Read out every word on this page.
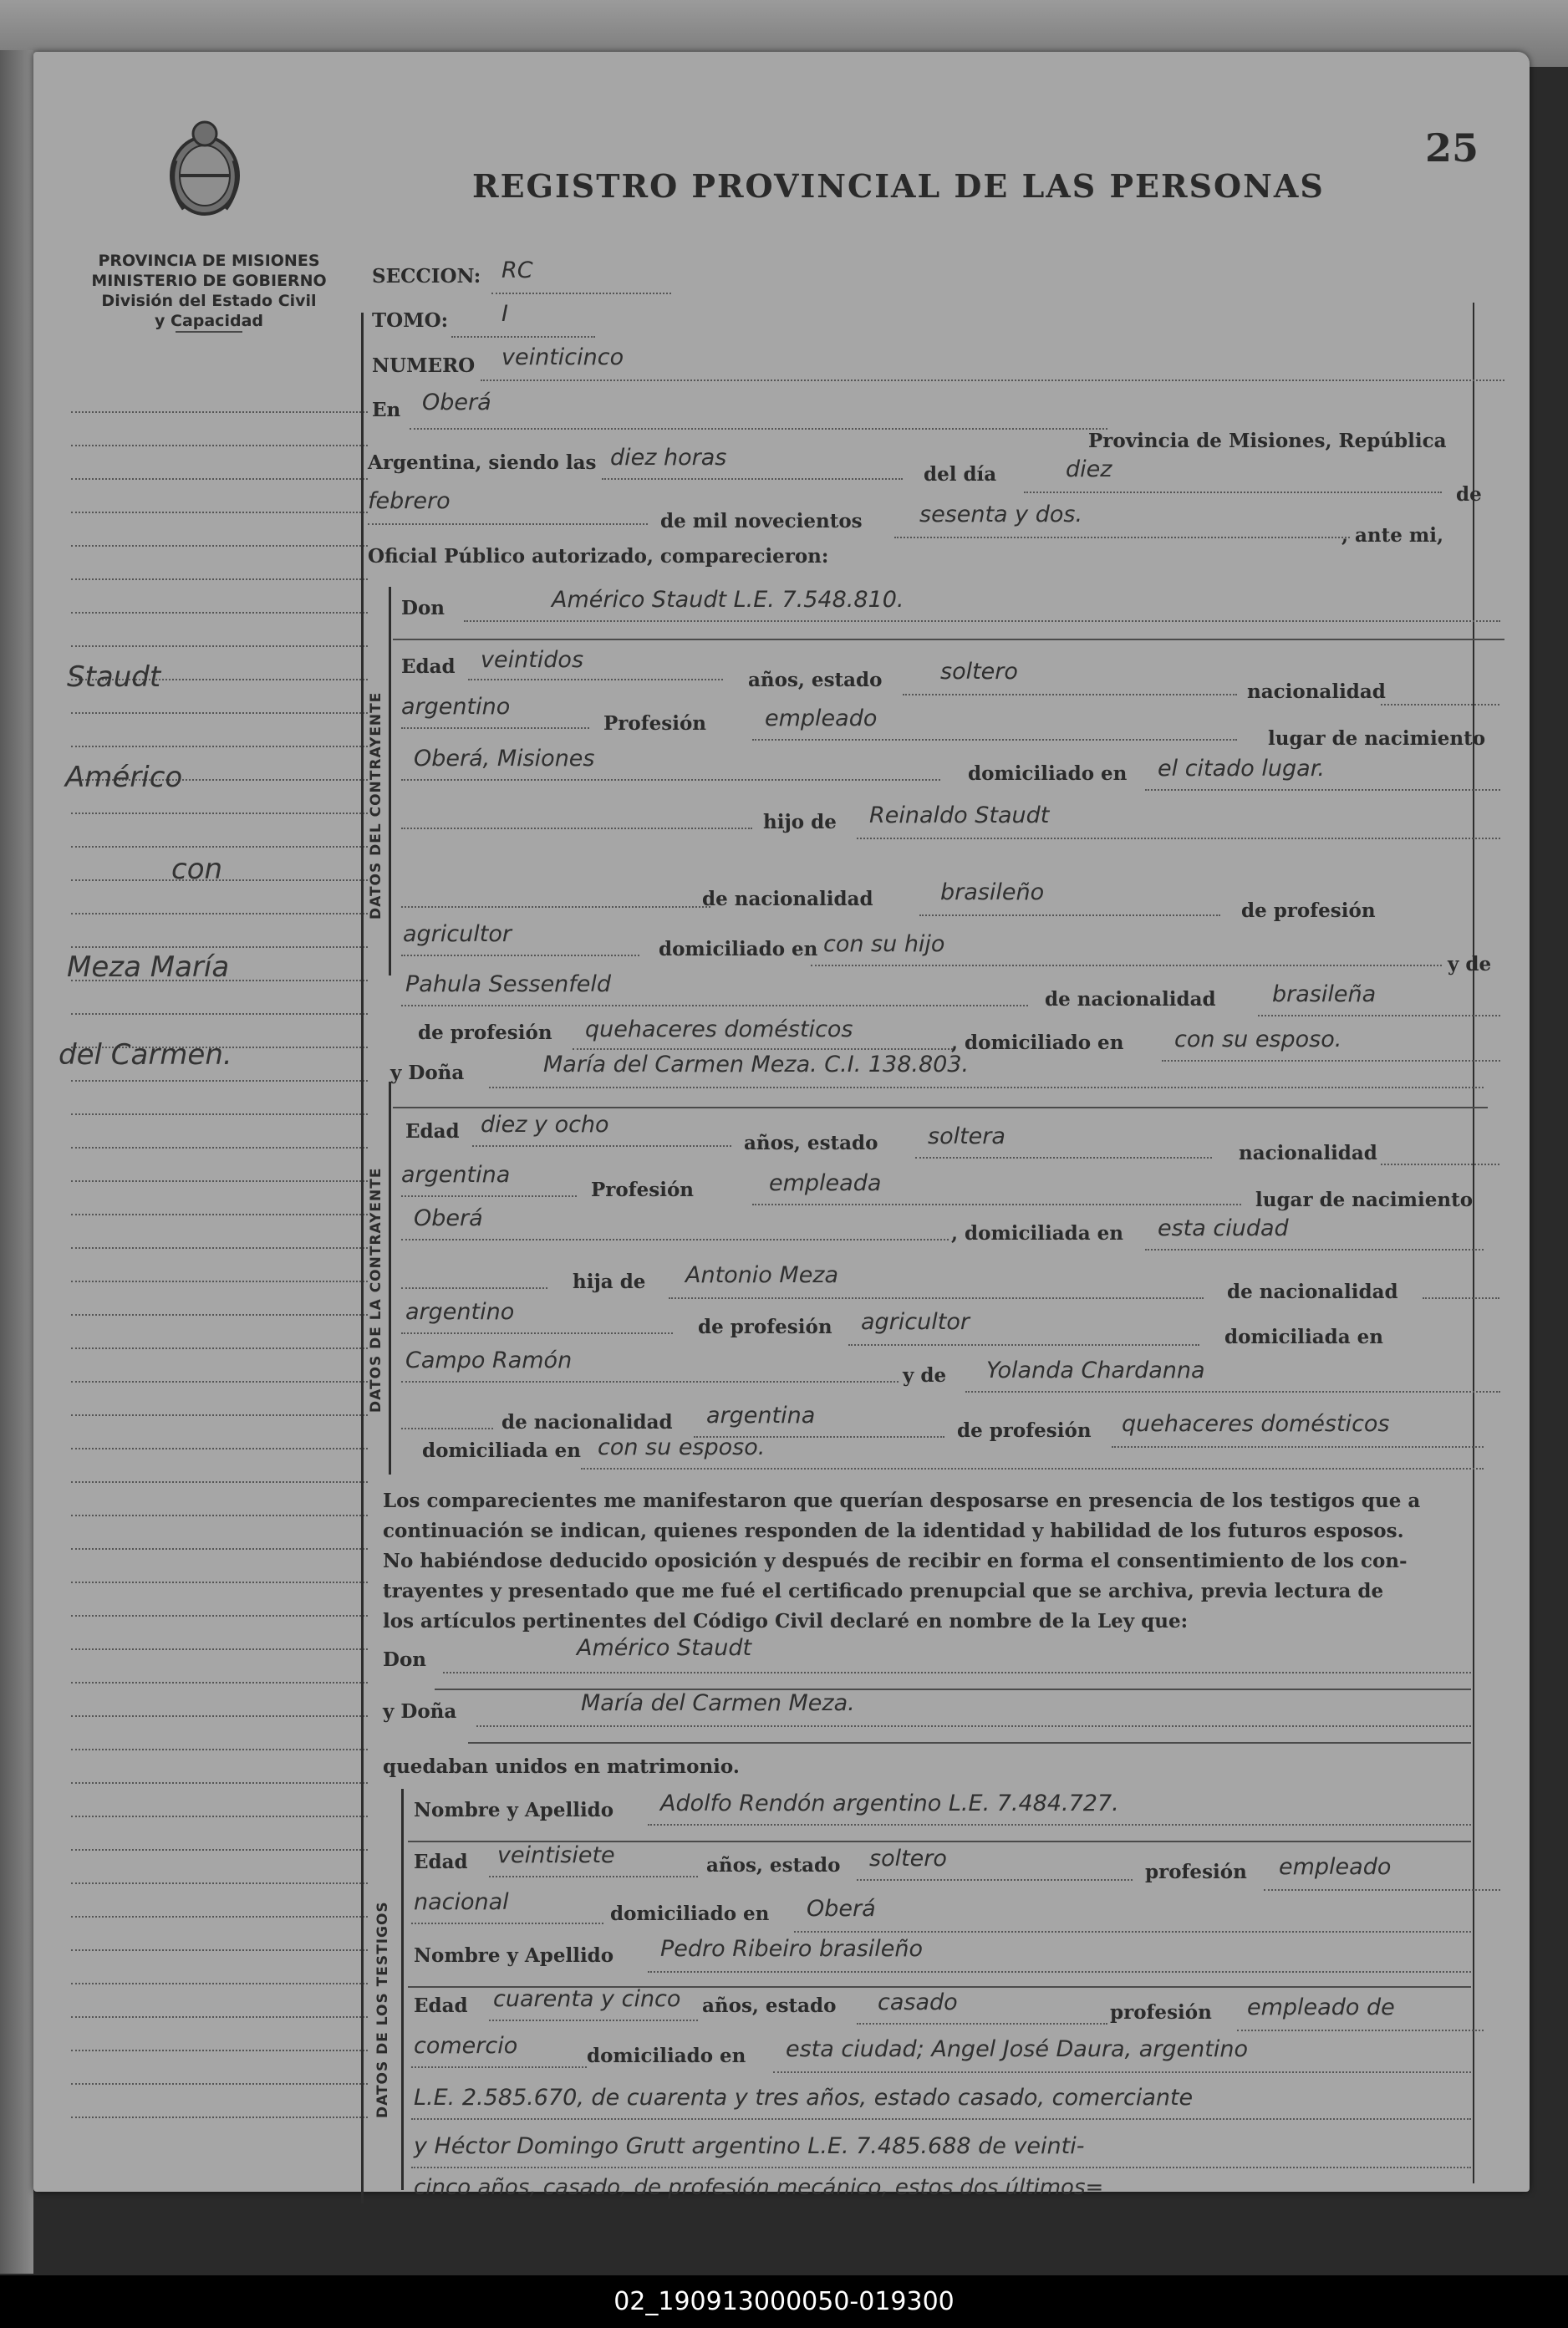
25
REGISTRO PROVINCIAL DE LAS PERSONAS
PROVINCIA DE MISIONES
MINISTERIO DE GOBIERNO
División del Estado Civil
y Capacidad
Staudt
Américo
con
Meza María
del Carmen.
SECCION: RC
TOMO: I
NUMERO veinticinco
En Oberá
Provincia de Misiones, República
Argentina, siendo las diez horas
del día	diez
de
febrero
de mil novecientos	sesenta y dos.
, ante mi,
Oficial Público autorizado, comparecieron:
DATOS DEL CONTRAYENTE
Don	Américo Staudt L.E. 7.548.810.
Edad veintidos
años, estado	soltero
nacionalidad
argentino
Profesión	empleado
lugar de nacimiento
Oberá, Misiones
domiciliado en el citado lugar.
hijo de Reinaldo Staudt
de nacionalidad	brasileño
de profesión
agricultor
domiciliado en con su hijo
y de
Pahula Sessenfeld
de nacionalidad brasileña
de profesión quehaceres domésticos
, domiciliado en con su esposo.
DATOS DE LA CONTRAYENTE
y Doña	María del Carmen Meza. C.I. 138.803.
Edad diez y ocho
años, estado soltera
nacionalidad
argentina
Profesión	empleada
lugar de nacimiento
Oberá
, domiciliada en esta ciudad
hija de Antonio Meza
de nacionalidad
argentino
de profesión agricultor
domiciliada en
Campo Ramón
y de Yolanda Chardanna
de nacionalidad argentina
de profesión quehaceres domésticos
domiciliada en con su esposo.
Los comparecientes me manifestaron que querían desposarse en presencia de los testigos que a
continuación se indican, quienes responden de la identidad y habilidad de los futuros esposos.
No habiéndose deducido oposición y después de recibir en forma el consentimiento de los con-
trayentes y presentado que me fué el certificado prenupcial que se archiva, previa lectura de
los artículos pertinentes del Código Civil declaré en nombre de la Ley que:
Don	Américo Staudt
y Doña	María del Carmen Meza.
quedaban unidos en matrimonio.
DATOS DE LOS TESTIGOS
Nombre y Apellido Adolfo Rendón argentino L.E. 7.484.727.
Edad veintisiete	años, estado soltero
profesión empleado
nacional	domiciliado en Oberá
Nombre y Apellido Pedro Ribeiro brasileño
Edad cuarenta y cinco años, estado casado	profesión empleado de
comercio	domiciliado en esta ciudad; Angel José Daura, argentino
L.E. 2.585.670, de cuarenta y tres años, estado casado, comerciante
y Héctor Domingo Grutt argentino L.E. 7.485.688 de veinti-
cinco años, casado, de profesión mecánico, estos dos últimos=
02_190913000050-019300
